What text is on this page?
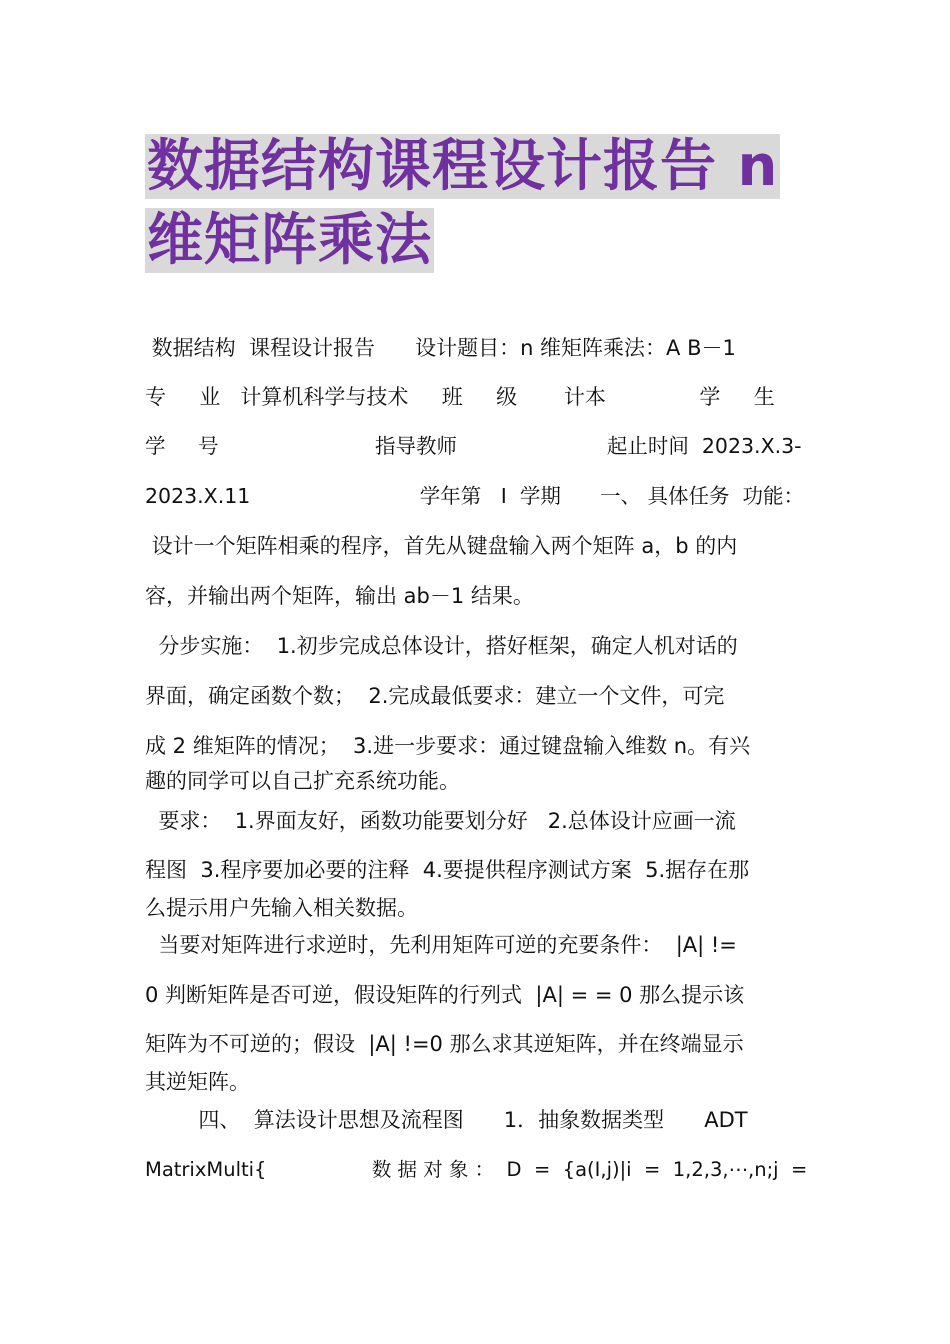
数据结构课程设计报告 n
维矩阵乘法
数据结构  课程设计报告      设计题目：n 维矩阵乘法：A B－1
专     业   计算机科学与技术     班     级       计本              学     生
学     号                        指导教师                       起止时间  2023.X.3-
2023.X.11                          学年第   I  学期      一、 具体任务  功能：
设计一个矩阵相乘的程序，首先从键盘输入两个矩阵 a，b 的内
容，并输出两个矩阵，输出 ab－1 结果。
分步实施：  1.初步完成总体设计，搭好框架，确定人机对话的
界面，确定函数个数；  2.完成最低要求：建立一个文件，可完
成 2 维矩阵的情况；  3.进一步要求：通过键盘输入维数 n。有兴
趣的同学可以自己扩充系统功能。
要求：  1.界面友好，函数功能要划分好   2.总体设计应画一流
程图  3.程序要加必要的注释  4.要提供程序测试方案  5.据存在那
么提示用户先输入相关数据。
当要对矩阵进行求逆时，先利用矩阵可逆的充要条件：  |A| !=
0 判断矩阵是否可逆，假设矩阵的行列式  |A| = = 0 那么提示该
矩阵为不可逆的；假设  |A| !=0 那么求其逆矩阵，并在终端显示
其逆矩阵。
四、  算法设计思想及流程图      1．抽象数据类型      ADT
MatrixMulti{                 数 据 对 象 ：  D  =  {a(I,j)|i  =  1,2,3,⋯,n;j  =
